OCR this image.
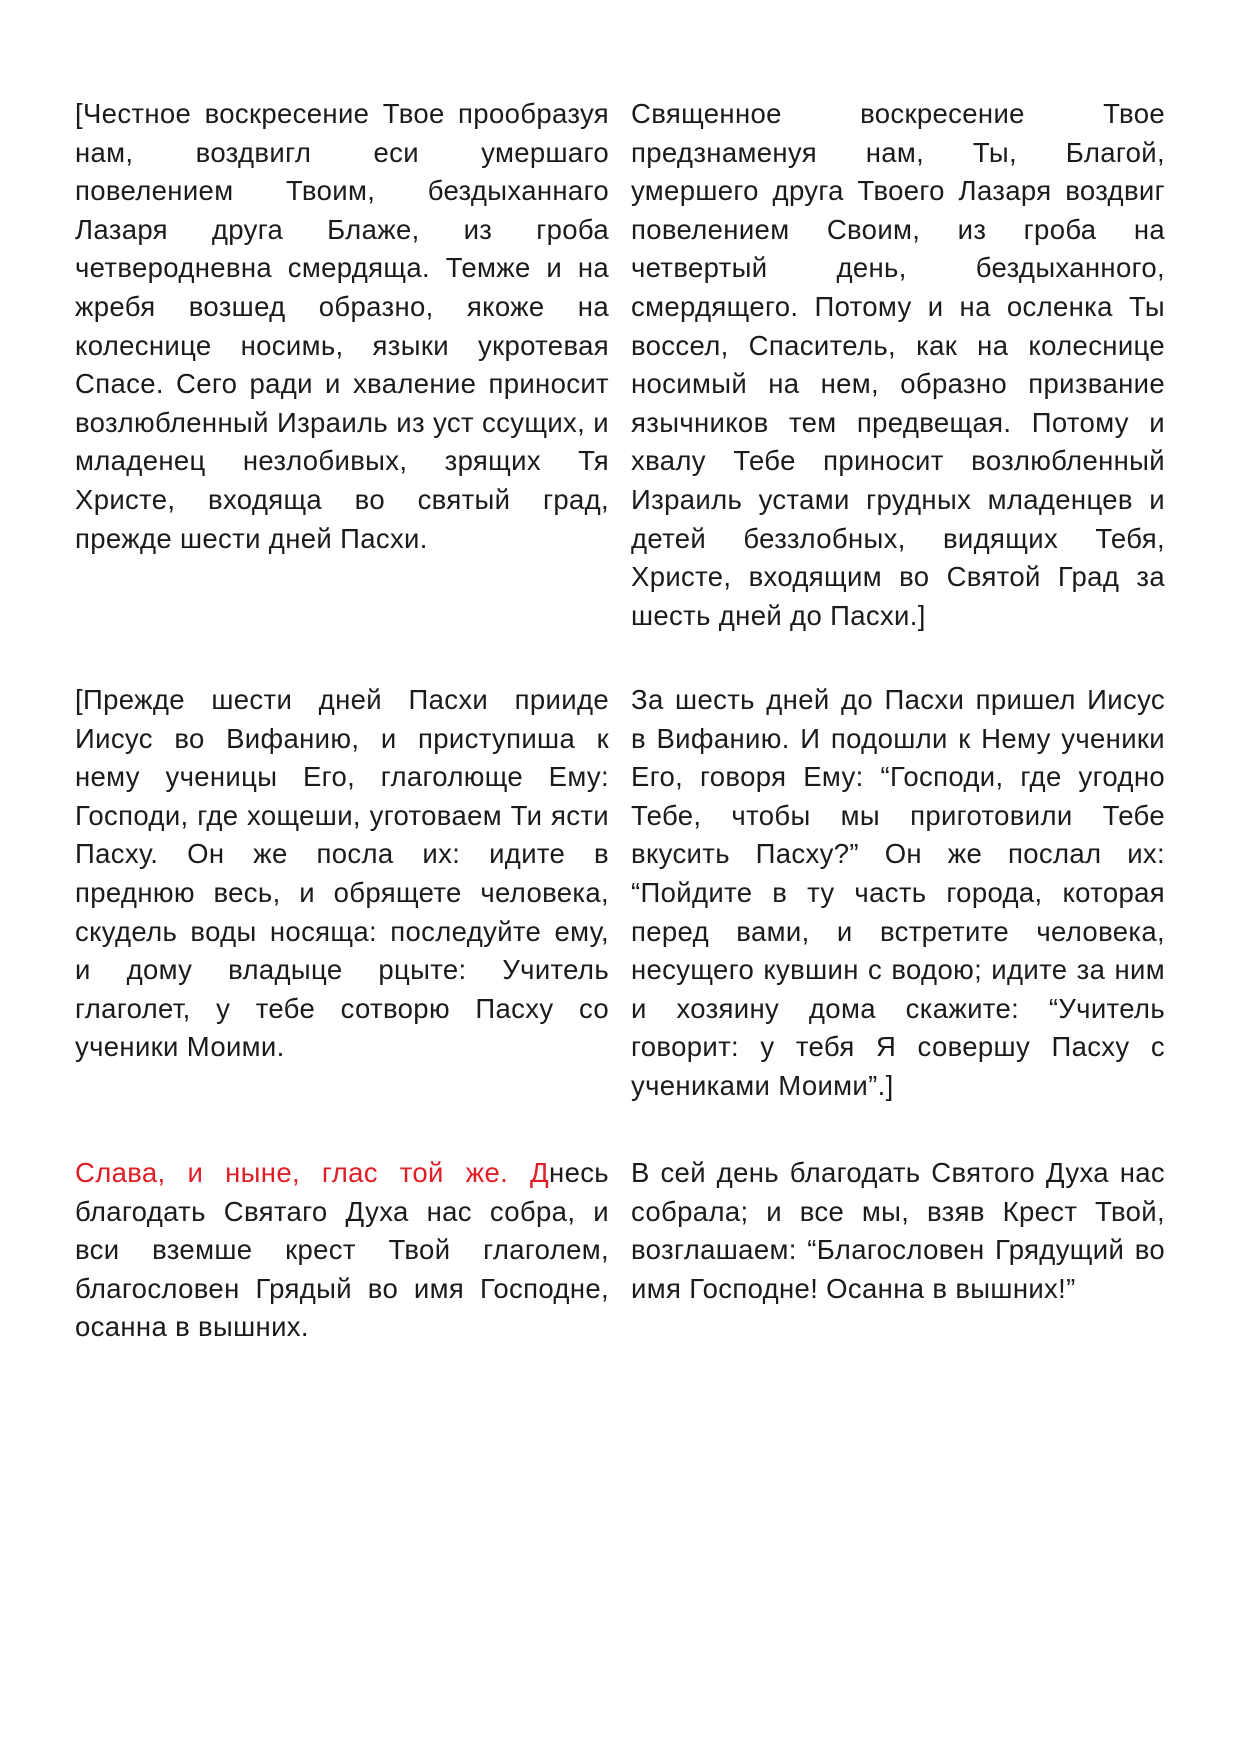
[Честное воскресение Твое прообразуя нам, воздвигл еси умершаго повелением Твоим, бездыханнаго Лазаря друга Блаже, из гроба четверодневна смердяща. Темже и на жребя возшед образно, якоже на колеснице носимь, языки укротевая Спасе. Сего ради и хваление приносит возлюбленный Израиль из уст ссущих, и младенец незлобивых, зрящих Тя Христе, входяща во святый град, прежде шести дней Пасхи.

Священное воскресение Твое предзнаменуя нам, Ты, Благой, умершего друга Твоего Лазаря воздвиг повелением Своим, из гроба на четвертый день, бездыханного, смердящего. Потому и на осленка Ты воссел, Спаситель, как на колеснице носимый на нем, образно призвание язычников тем предвещая. Потому и хвалу Тебе приносит возлюбленный Израиль устами грудных младенцев и детей беззлобных, видящих Тебя, Христе, входящим во Святой Град за шесть дней до Пасхи.]

[Прежде шести дней Пасхи прииде Иисус во Вифанию, и приступиша к нему ученицы Его, глаголюще Ему: Господи, где хощеши, уготоваем Ти ясти Пасху. Он же посла их: идите в преднюю весь, и обрящете человека, скудель воды носяща: последуйте ему, и дому владыце рцыте: Учитель глаголет, у тебе сотворю Пасху со ученики Моими.

За шесть дней до Пасхи пришел Иисус в Вифанию. И подошли к Нему ученики Его, говоря Ему: “Господи, где угодно Тебе, чтобы мы приготовили Тебе вкусить Пасху?” Он же послал их: “Пойдите в ту часть города, которая перед вами, и встретите человека, несущего кувшин с водою; идите за ним и хозяину дома скажите: “Учитель говорит: у тебя Я совершу Пасху с учениками Моими”.]

Слава, и ныне, глас той же. Днесь благодать Святаго Духа нас собра, и вси вземше крест Твой глаголем, благословен Грядый во имя Господне, осанна в вышних.

В сей день благодать Святого Духа нас собрала; и все мы, взяв Крест Твой, возглашаем: “Благословен Грядущий во имя Господне! Осанна в вышних!”
